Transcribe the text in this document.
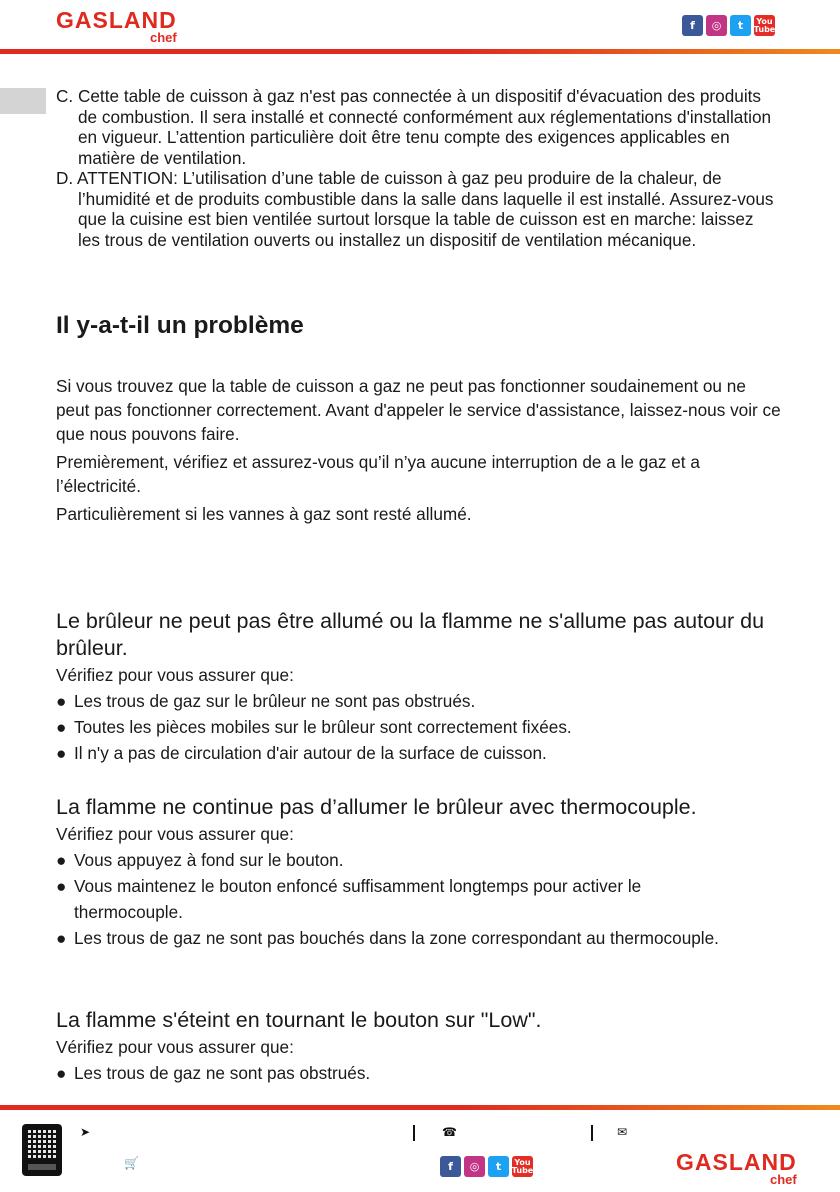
GASLAND
chef
f	◎	t	You Tube
C. Cette table de cuisson à gaz n'est pas connectée à un dispositif d'évacuation des produits de combustion. Il sera installé et connecté conformément aux réglementations d'installation en vigueur. L’attention particulière doit être tenu compte des exigences applicables en matière de ventilation.
D. ATTENTION: L’utilisation d’une table de cuisson à gaz peu produire de la chaleur, de l’humidité et de produits combustible dans la salle dans laquelle il est installé. Assurez-vous que la cuisine est bien ventilée surtout lorsque la table de cuisson est en marche: laissez les trous de ventilation ouverts ou installez un dispositif de ventilation mécanique.
Il y-a-t-il un problème

Si vous trouvez que la table de cuisson a gaz ne peut pas fonctionner soudainement ou ne peut pas fonctionner correctement. Avant d'appeler le service d'assistance, laissez-nous voir ce que nous pouvons faire.

Premièrement, vérifiez et assurez-vous qu’il n’ya aucune interruption de a le gaz et a l’électricité.

Particulièrement si les vannes à gaz sont resté allumé.

Le brûleur ne peut pas être allumé ou la flamme ne s'allume pas autour du brûleur.

Vérifiez pour vous assurer que:

● Les trous de gaz sur le brûleur ne sont pas obstrués.

● Toutes les pièces mobiles sur le brûleur sont correctement fixées.

● Il n'y a pas de circulation d'air autour de la surface de cuisson.

La flamme ne continue pas d’allumer le brûleur avec thermocouple.

Vérifiez pour vous assurer que:

● Vous appuyez à fond sur le bouton.

● Vous maintenez le bouton enfoncé suffisamment longtemps pour activer le thermocouple.

● Les trous de gaz ne sont pas bouchés dans la zone correspondant au thermocouple.

La flamme s'éteint en tournant le bouton sur "Low".

Vérifiez pour vous assurer que:

● Les trous de gaz ne sont pas obstrués.

➤
🛒
☎	✉
f	◎	t	You Tube	GASLAND
chef
